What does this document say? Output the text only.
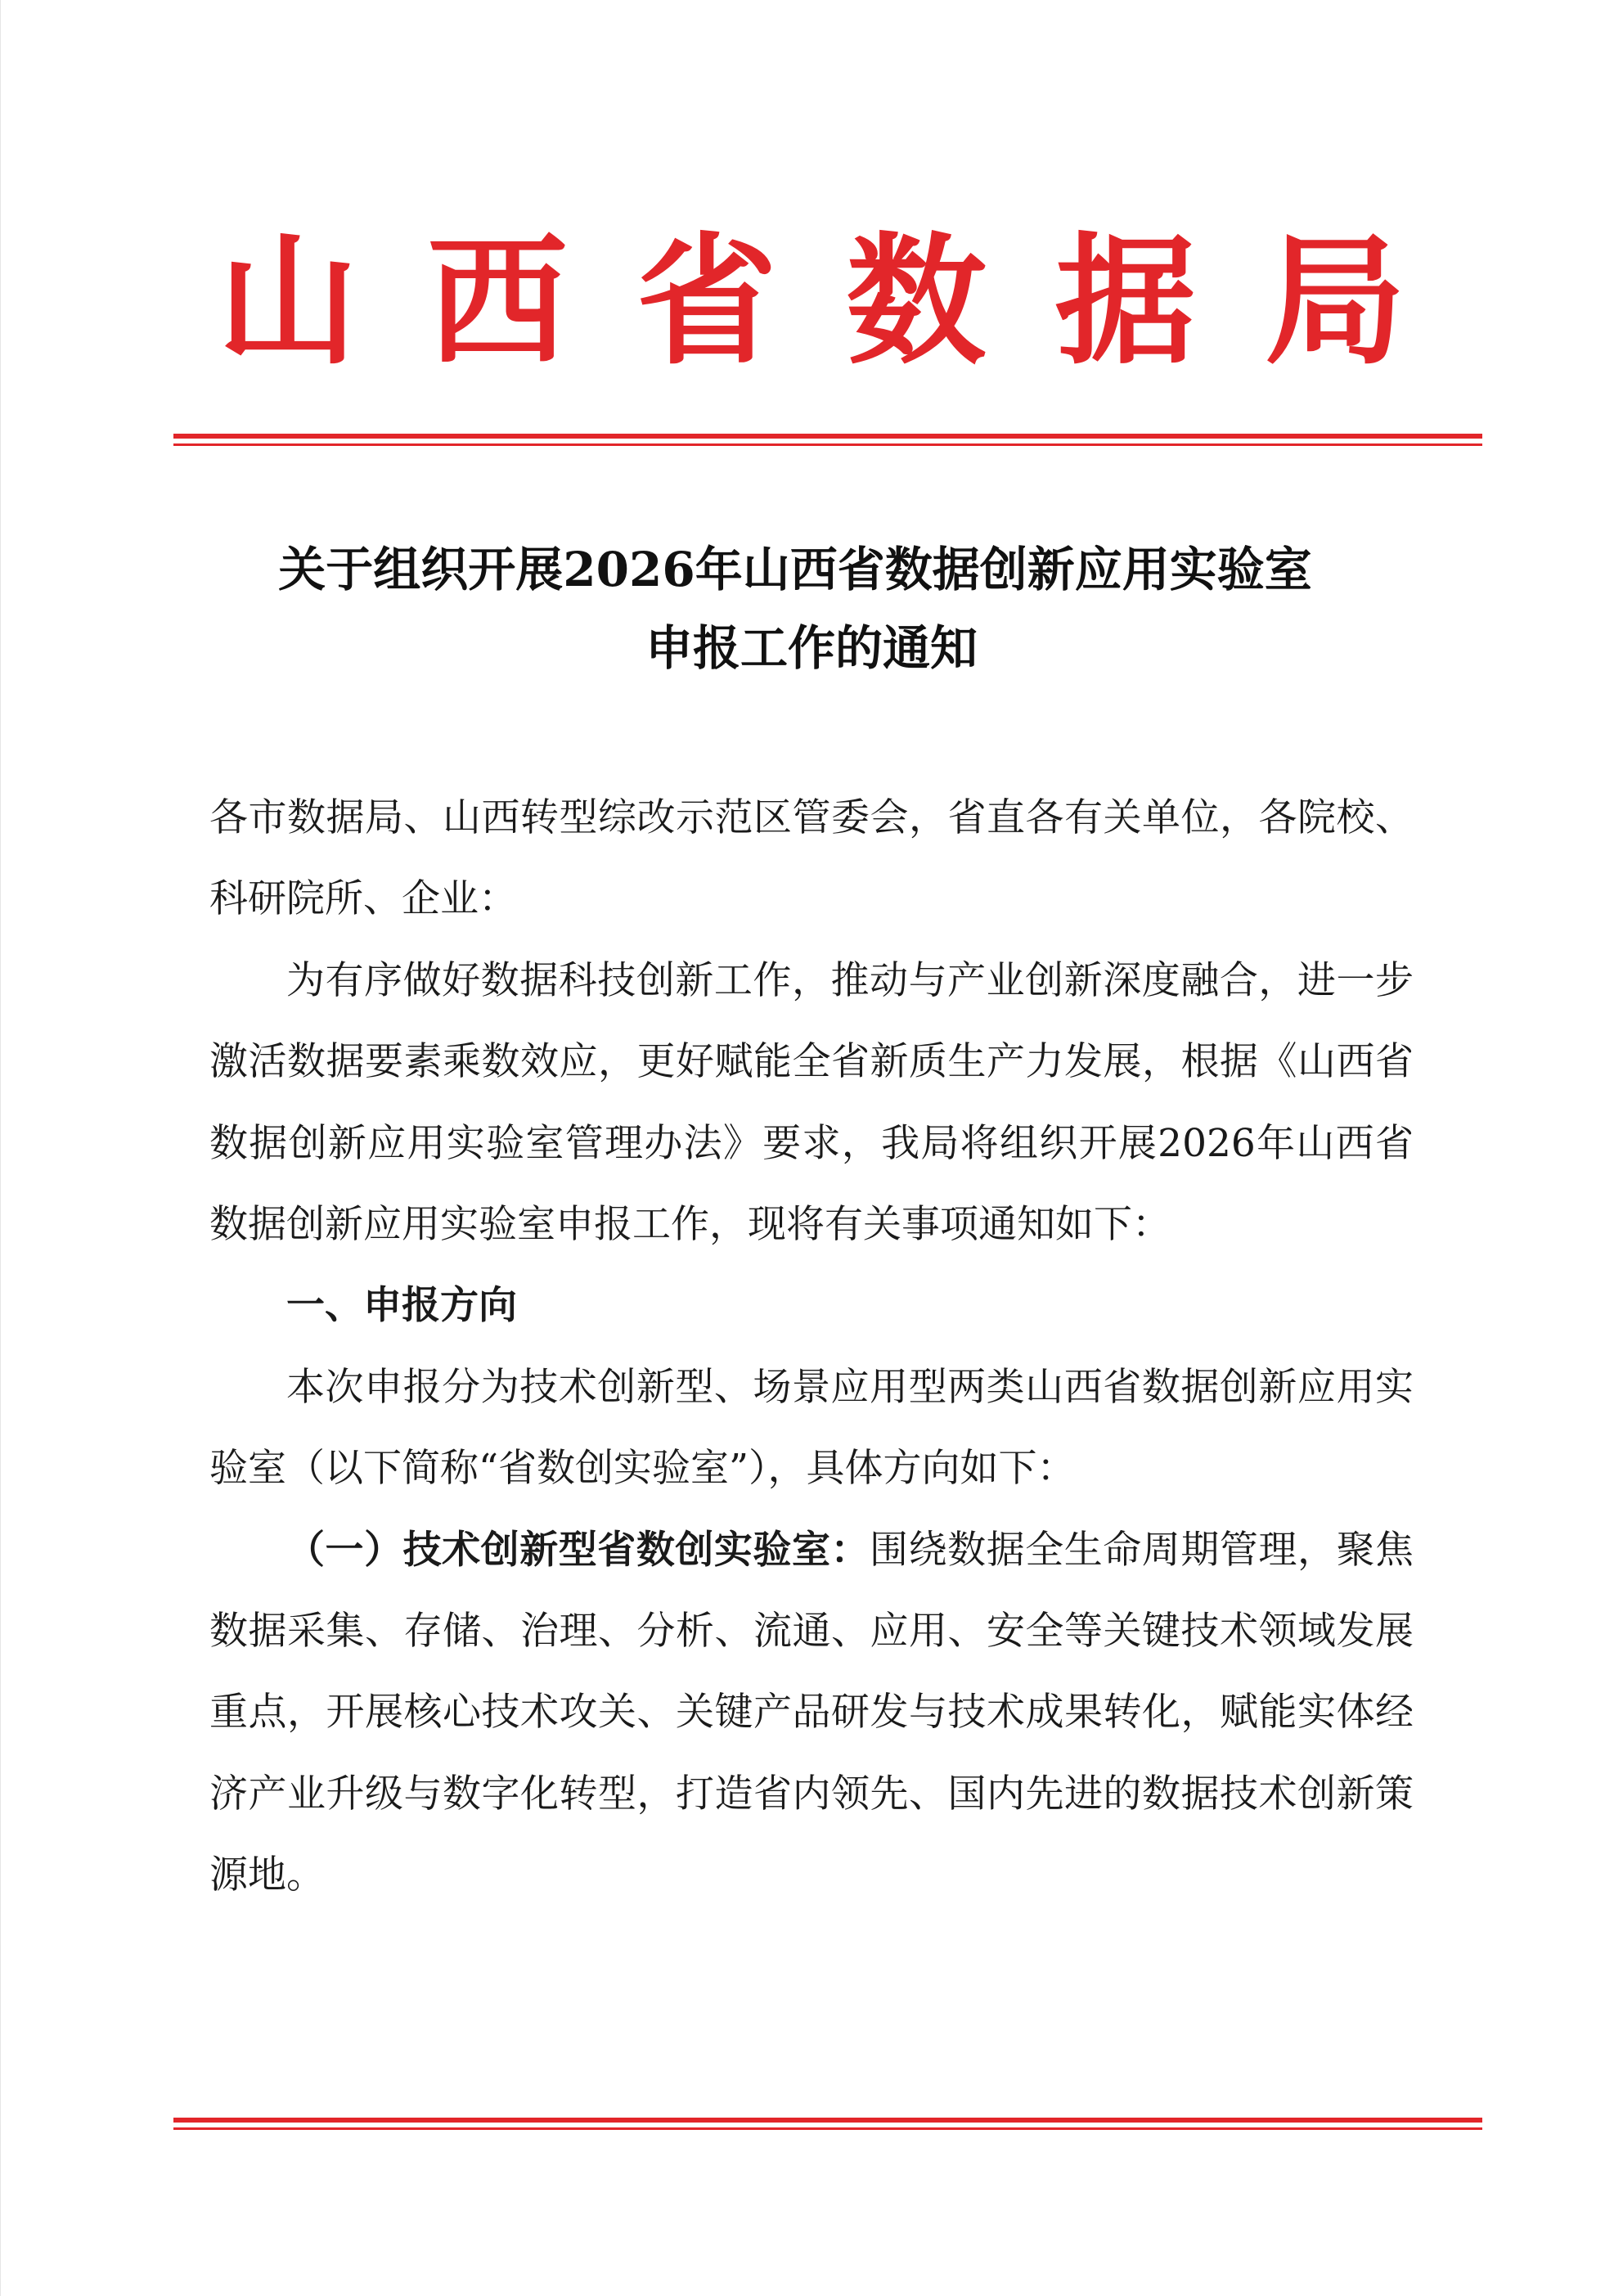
山西省数据局
关于组织开展2026年山西省数据创新应用实验室
申报工作的通知

各市数据局、山西转型综改示范区管委会，省直各有关单位，各院校、科研院所、企业：

为有序做好数据科技创新工作，推动与产业创新深度融合，进一步激活数据要素乘数效应，更好赋能全省新质生产力发展，根据《山西省数据创新应用实验室管理办法》要求，我局将组织开展2026年山西省数据创新应用实验室申报工作，现将有关事项通知如下：

一、申报方向

本次申报分为技术创新型、场景应用型两类山西省数据创新应用实验室（以下简称“省数创实验室”），具体方向如下：

（一）技术创新型省数创实验室：围绕数据全生命周期管理，聚焦数据采集、存储、治理、分析、流通、应用、安全等关键技术领域发展重点，开展核心技术攻关、关键产品研发与技术成果转化，赋能实体经济产业升级与数字化转型，打造省内领先、国内先进的数据技术创新策源地。
